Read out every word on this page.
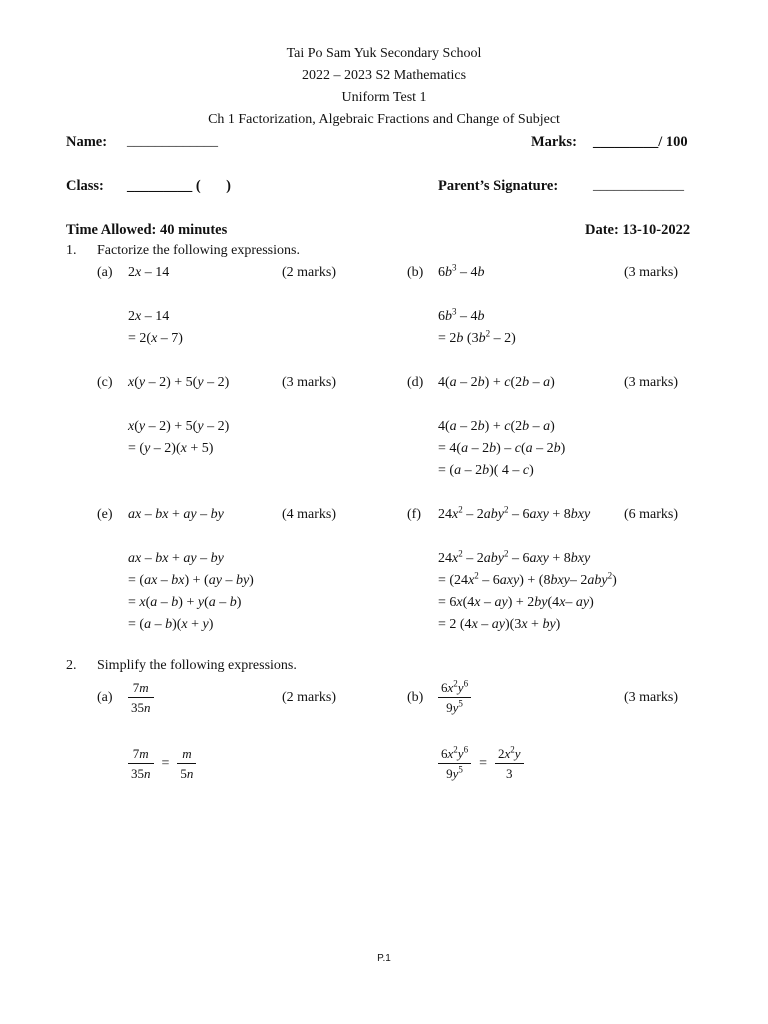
Tai Po Sam Yuk Secondary School
2022 – 2023 S2 Mathematics
Uniform Test 1
Ch 1 Factorization, Algebraic Fractions and Change of Subject
Name: _____________	Marks: _________/ 100
Class: _________ (       )	Parent’s Signature: _____________
Time Allowed: 40 minutes	Date: 13-10-2022
1. Factorize the following expressions.
(a) 2x – 14	(2 marks)
2x – 14
= 2(x – 7)
(b) $6b^3 - 4b$	(3 marks)
$6b^3 - 4b$
= 2b $(3b^2 - 2)$
(c) x(y – 2) + 5(y – 2)	(3 marks)
x(y – 2) + 5(y – 2)
= (y – 2)(x + 5)
(d) 4(a – 2b) + c(2b – a)	(3 marks)
4(a – 2b) + c(2b – a)
= 4(a – 2b) – c(a – 2b)
= (a – 2b)( 4 – c)
(e) ax – bx + ay – by	(4 marks)
ax – bx + ay – by
= (ax – bx) + (ay – by)
= x(a – b) + y(a – b)
= (a – b)(x + y)
(f) $24x^2 - 2aby^2 - 6axy + 8bxy$ (6 marks)
$24x^2 - 2aby^2 - 6axy + 8bxy$
= $(24x^2 - 6axy) + (8bxy-$ 2aby$^2$)
= 6x(4x – ay) + 2by(4x– ay)
= 2 (4x – ay)(3x + by)
2. Simplify the following expressions.
$(a) \frac{7m}{35n}$	(2 marks)
$\frac{7m}{35n} = \frac{m}{5n}$
$(b) \frac{6x^2y^6}{9y^5}$	(3 marks)
$\frac{6x^2y^6}{9y^5} = \frac{2x^2y}{3}$
P.1
